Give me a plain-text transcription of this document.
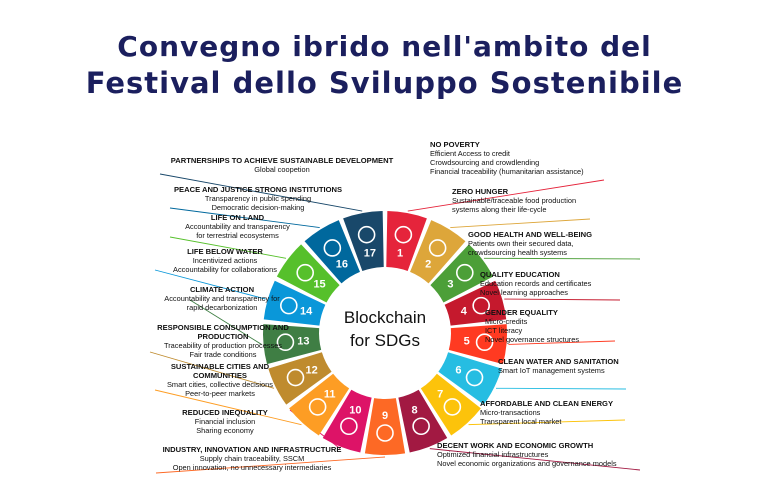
Convegno ibrido nell'ambito del
Festival dello Sviluppo Sostenibile
1
2
3
4
5
6
7
8
9
10
11
12
13
14
15
16
17
Blockchain
for SDGs
NO POVERTY
Efficient Access to credit
Crowdsourcing and crowdlending
Financial traceability (humanitarian assistance)
ZERO HUNGER
Sustainable/traceable food production
systems along their life-cycle
GOOD HEALTH AND WELL-BEING
Patients own their secured data,
crowdsourcing health systems
QUALITY EDUCATION
Education records and certificates
Novel learning approaches
GENDER EQUALITY
Micro-credits
ICT literacy
Novel governance structures
CLEAN WATER AND SANITATION
Smart IoT management systems
AFFORDABLE AND CLEAN ENERGY
Micro-transactions
Transparent local market
DECENT WORK AND ECONOMIC GROWTH
Optimized financial infrastructures
Novel economic organizations and governance models
INDUSTRY, INNOVATION AND INFRASTRUCTURE
Supply chain traceability, SSCM
Open innovation, no unnecessary intermediaries
REDUCED INEQUALITY
Financial inclusion
Sharing economy
SUSTAINABLE CITIES AND COMMUNITIES
Smart cities, collective decisions
Peer-to-peer markets
RESPONSIBLE CONSUMPTION AND PRODUCTION
Traceability of production processes
Fair trade conditions
CLIMATE ACTION
Accountability and transparency for
rapid decarbonization
LIFE BELOW WATER
Incentivized actions
Accountability for collaborations
LIFE ON LAND
Accountability and transparency
for terrestrial ecosystems
PEACE AND JUSTICE STRONG INSTITUTIONS
Transparency in public spending
Democratic decision-making
PARTNERSHIPS TO ACHIEVE SUSTAINABLE DEVELOPMENT
Global coopetion
